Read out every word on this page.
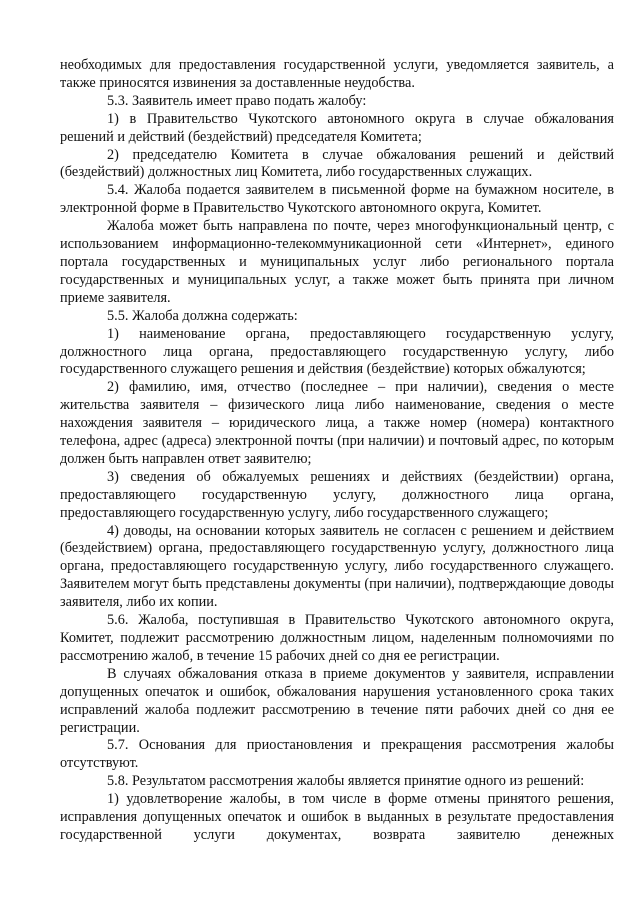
необходимых для предоставления государственной услуги, уведомляется заявитель, а также приносятся извинения за доставленные неудобства.

5.3. Заявитель имеет право подать жалобу:

1) в Правительство Чукотского автономного округа в случае обжалования решений и действий (бездействий) председателя Комитета;

2) председателю Комитета в случае обжалования решений и действий (бездействий) должностных лиц Комитета, либо государственных служащих.

5.4. Жалоба подается заявителем в письменной форме на бумажном носителе, в электронной форме в Правительство Чукотского автономного округа, Комитет.

Жалоба может быть направлена по почте, через многофункциональный центр, с использованием информационно-телекоммуникационной сети «Интернет», единого портала государственных и муниципальных услуг либо регионального портала государственных и муниципальных услуг, а также может быть принята при личном приеме заявителя.

5.5. Жалоба должна содержать:

1) наименование органа, предоставляющего государственную услугу, должностного лица органа, предоставляющего государственную услугу, либо государственного служащего решения и действия (бездействие) которых обжалуются;

2) фамилию, имя, отчество (последнее – при наличии), сведения о месте жительства заявителя – физического лица либо наименование, сведения о месте нахождения заявителя – юридического лица, а также номер (номера) контактного телефона, адрес (адреса) электронной почты (при наличии) и почтовый адрес, по которым должен быть направлен ответ заявителю;

3) сведения об обжалуемых решениях и действиях (бездействии) органа, предоставляющего государственную услугу, должностного лица органа, предоставляющего государственную услугу, либо государственного служащего;

4) доводы, на основании которых заявитель не согласен с решением и действием (бездействием) органа, предоставляющего государственную услугу, должностного лица органа, предоставляющего государственную услугу, либо государственного служащего. Заявителем могут быть представлены документы (при наличии), подтверждающие доводы заявителя, либо их копии.

5.6. Жалоба, поступившая в Правительство Чукотского автономного округа, Комитет, подлежит рассмотрению должностным лицом, наделенным полномочиями по рассмотрению жалоб, в течение 15 рабочих дней со дня ее регистрации.

В случаях обжалования отказа в приеме документов у заявителя, исправлении допущенных опечаток и ошибок, обжалования нарушения установленного срока таких исправлений жалоба подлежит рассмотрению в течение пяти рабочих дней со дня ее регистрации.

5.7. Основания для приостановления и прекращения рассмотрения жалобы отсутствуют.

5.8. Результатом рассмотрения жалобы является принятие одного из решений:

1) удовлетворение жалобы, в том числе в форме отмены принятого решения, исправления допущенных опечаток и ошибок в выданных в результате предоставления государственной услуги документах, возврата заявителю денежных
